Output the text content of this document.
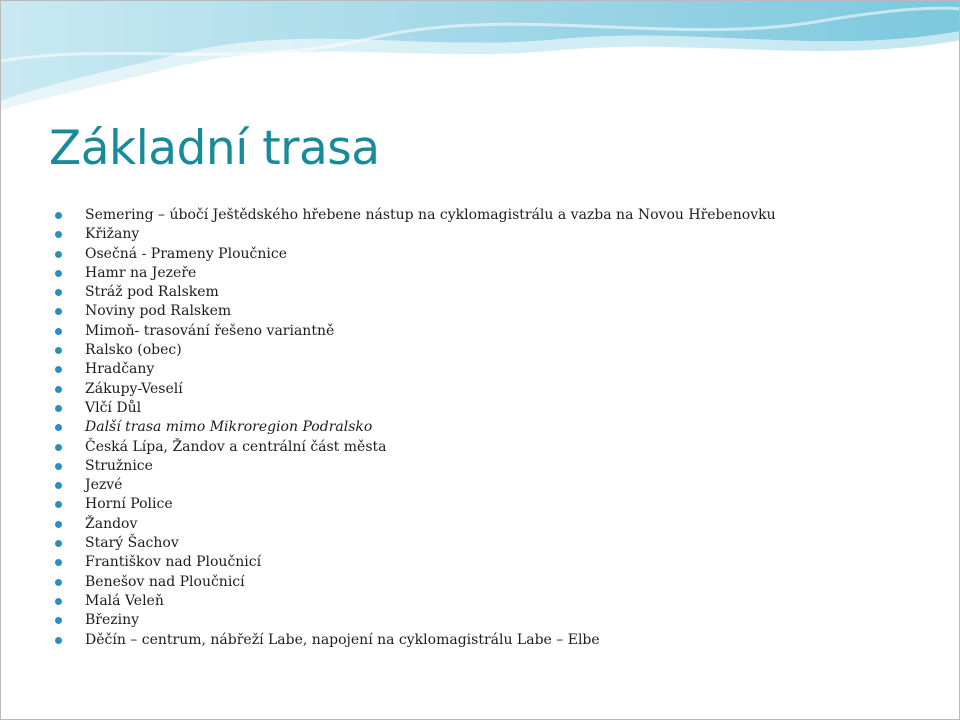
Základní trasa
Semering – úbočí Ještědského hřebene nástup na cyklomagistrálu a vazba na Novou Hřebenovku
Křižany
Osečná - Prameny Ploučnice
Hamr na Jezeře
Stráž pod Ralskem
Noviny pod Ralskem
Mimoň- trasování řešeno variantně
Ralsko (obec)
Hradčany
Zákupy-Veselí
Vlčí Důl
Další trasa mimo Mikroregion Podralsko
Česká Lípa, Žandov a centrální část města
Stružnice
Jezvé
Horní Police
Žandov
Starý Šachov
Františkov nad Ploučnicí
Benešov nad Ploučnicí
Malá Veleň
Březiny
Děčín – centrum, nábřeží Labe, napojení na cyklomagistrálu Labe – Elbe
